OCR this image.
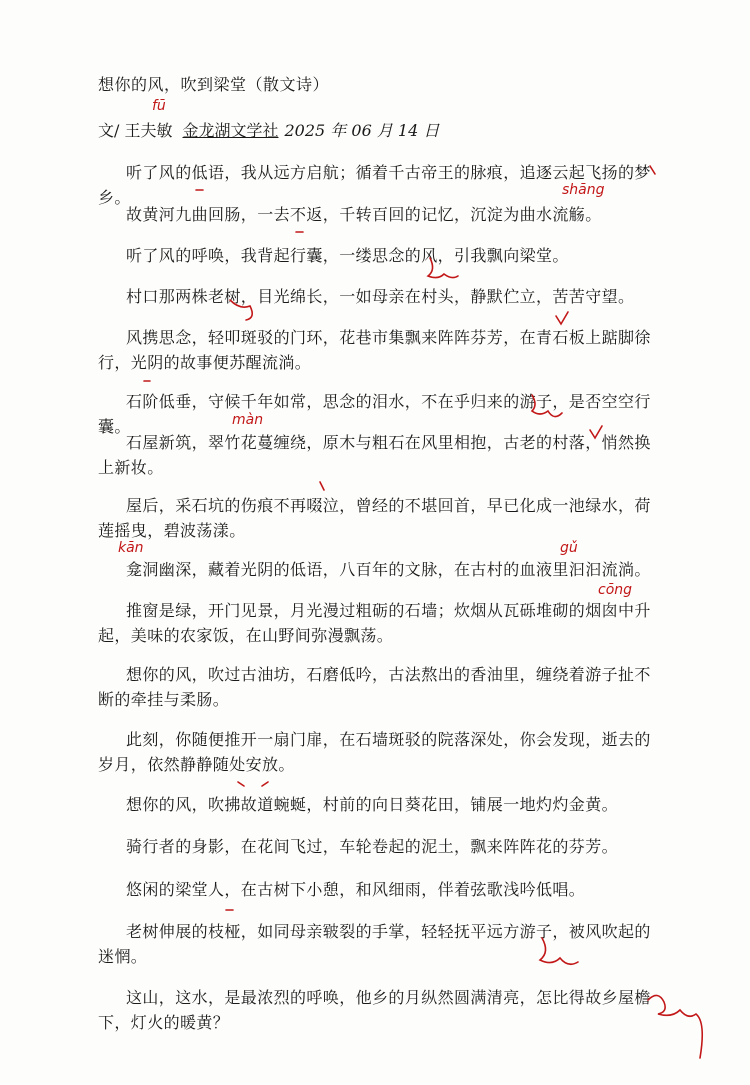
想你的风，吹到梁堂（散文诗）
文/ 王夫敏 金龙湖文学社 2025 年 06 月 14 日
听了风的低语，我从远方启航；循着千古帝王的脉痕，追逐云起飞扬的梦乡。
故黄河九曲回肠，一去不返，千转百回的记忆，沉淀为曲水流觞。
听了风的呼唤，我背起行囊，一缕思念的风，引我飘向梁堂。
村口那两株老树，目光绵长，一如母亲在村头，静默伫立，苦苦守望。
风携思念，轻叩斑驳的门环，花巷市集飘来阵阵芬芳，在青石板上踮脚徐行，光阴的故事便苏醒流淌。
石阶低垂，守候千年如常，思念的泪水，不在乎归来的游子，是否空空行囊。
石屋新筑，翠竹花蔓缠绕，原木与粗石在风里相抱，古老的村落，悄然换上新妆。
屋后，采石坑的伤痕不再啜泣，曾经的不堪回首，早已化成一池绿水，荷莲摇曳，碧波荡漾。
龛洞幽深，藏着光阴的低语，八百年的文脉，在古村的血液里汩汩流淌。
推窗是绿，开门见景，月光漫过粗砺的石墙；炊烟从瓦砾堆砌的烟囱中升起，美味的农家饭，在山野间弥漫飘荡。
想你的风，吹过古油坊，石磨低吟，古法熬出的香油里，缠绕着游子扯不断的牵挂与柔肠。
此刻，你随便推开一扇门扉，在石墙斑驳的院落深处，你会发现，逝去的岁月，依然静静随处安放。
想你的风，吹拂故道蜿蜒，村前的向日葵花田，铺展一地灼灼金黄。
骑行者的身影，在花间飞过，车轮卷起的泥土，飘来阵阵花的芬芳。
悠闲的梁堂人，在古树下小憩，和风细雨，伴着弦歌浅吟低唱。
老树伸展的枝桠，如同母亲皲裂的手掌，轻轻抚平远方游子，被风吹起的迷惘。
这山，这水，是最浓烈的呼唤，他乡的月纵然圆满清亮，怎比得故乡屋檐下，灯火的暖黄？
fū
shāng
màn
kān	gǔ
cōng
